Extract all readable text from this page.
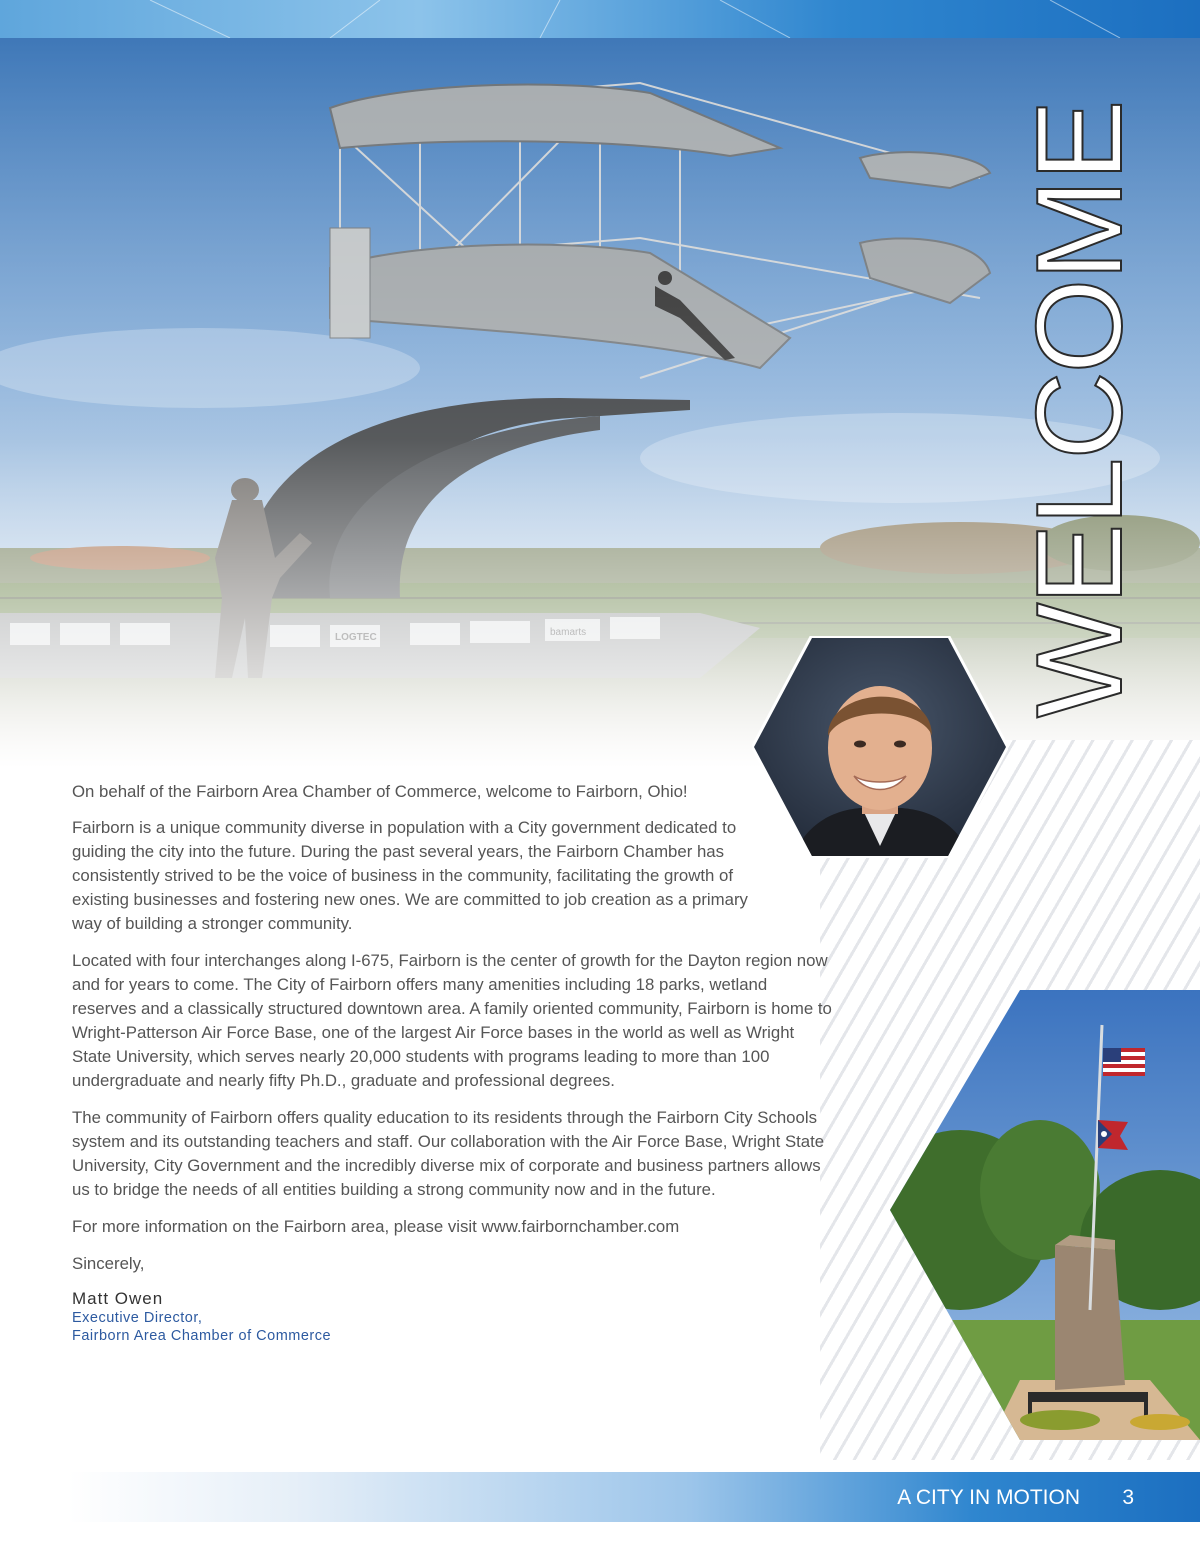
WELCOME

On behalf of the Fairborn Area Chamber of Commerce, welcome to Fairborn, Ohio!

Fairborn is a unique community diverse in population with a City government dedicated to guiding the city into the future. During the past several years, the Fairborn Chamber has consistently strived to be the voice of business in the community, facilitating the growth of existing businesses and fostering new ones. We are committed to job creation as a primary way of building a stronger community.

Located with four interchanges along I-675, Fairborn is the center of growth for the Dayton region now and for years to come. The City of Fairborn offers many amenities including 18 parks, wetland reserves and a classically structured downtown area. A family oriented community, Fairborn is home to Wright-Patterson Air Force Base, one of the largest Air Force bases in the world as well as Wright State University, which serves nearly 20,000 students with programs leading to more than 100 undergraduate and nearly fifty Ph.D., graduate and professional degrees.

The community of Fairborn offers quality education to its residents through the Fairborn City Schools system and its outstanding teachers and staff. Our collaboration with the Air Force Base, Wright State University, City Government and the incredibly diverse mix of corporate and business partners allows us to bridge the needs of all entities building a strong community now and in the future.

For more information on the Fairborn area, please visit www.fairbornchamber.com

Sincerely,

Matt Owen
Executive Director,
Fairborn Area Chamber of Commerce
A CITY IN MOTION 3
